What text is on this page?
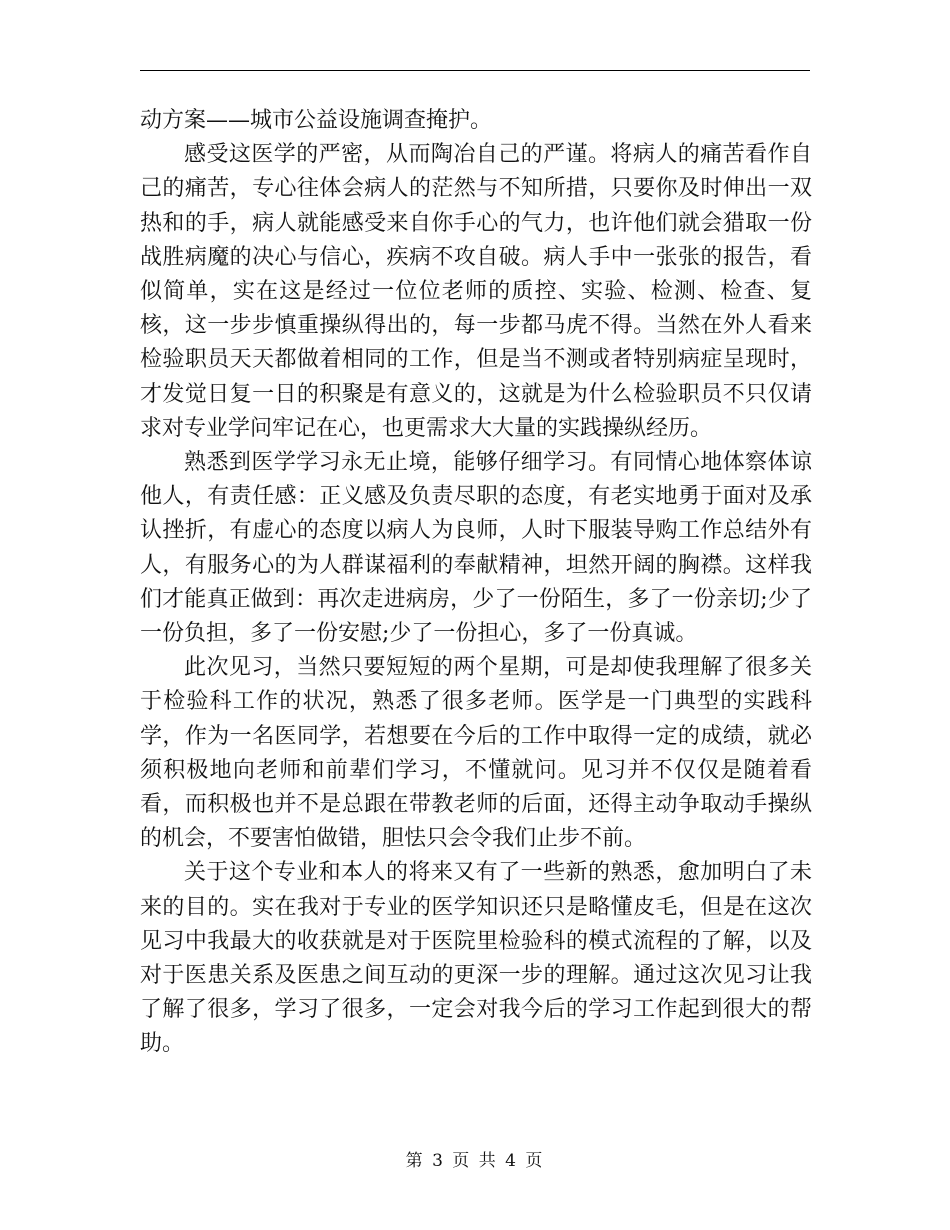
动方案——城市公益设施调查掩护。

感受这医学的严密，从而陶冶自己的严谨。将病人的痛苦看作自己的痛苦，专心往体会病人的茫然与不知所措，只要你及时伸出一双热和的手，病人就能感受来自你手心的气力，也许他们就会猎取一份战胜病魔的决心与信心，疾病不攻自破。病人手中一张张的报告，看似简单，实在这是经过一位位老师的质控、实验、检测、检查、复核，这一步步慎重操纵得出的，每一步都马虎不得。当然在外人看来检验职员天天都做着相同的工作，但是当不测或者特别病症呈现时，才发觉日复一日的积聚是有意义的，这就是为什么检验职员不只仅请求对专业学问牢记在心，也更需求大大量的实践操纵经历。

熟悉到医学学习永无止境，能够仔细学习。有同情心地体察体谅他人，有责任感：正义感及负责尽职的态度，有老实地勇于面对及承认挫折，有虚心的态度以病人为良师，人时下服装导购工作总结外有人，有服务心的为人群谋福利的奉献精神，坦然开阔的胸襟。这样我们才能真正做到：再次走进病房，少了一份陌生，多了一份亲切;少了一份负担，多了一份安慰;少了一份担心，多了一份真诚。

此次见习，当然只要短短的两个星期，可是却使我理解了很多关于检验科工作的状况，熟悉了很多老师。医学是一门典型的实践科学，作为一名医同学，若想要在今后的工作中取得一定的成绩，就必须积极地向老师和前辈们学习，不懂就问。见习并不仅仅是随着看看，而积极也并不是总跟在带教老师的后面，还得主动争取动手操纵的机会，不要害怕做错，胆怯只会令我们止步不前。

关于这个专业和本人的将来又有了一些新的熟悉，愈加明白了未来的目的。实在我对于专业的医学知识还只是略懂皮毛，但是在这次见习中我最大的收获就是对于医院里检验科的模式流程的了解，以及对于医患关系及医患之间互动的更深一步的理解。通过这次见习让我了解了很多，学习了很多，一定会对我今后的学习工作起到很大的帮助。

第 3 页 共 4 页
